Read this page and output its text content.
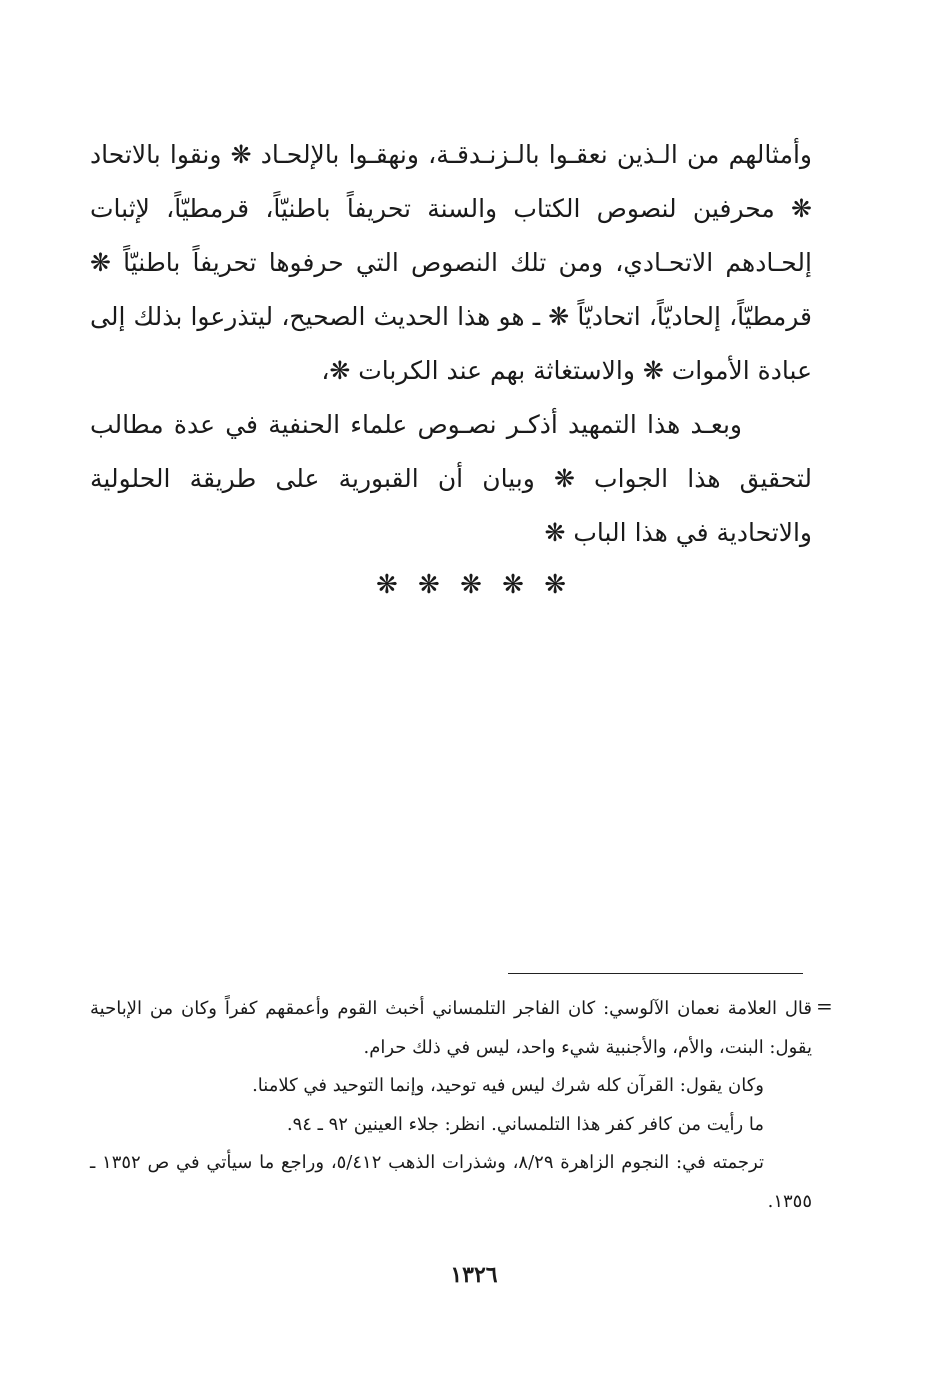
وأمثالهم من الـذين نعقـوا بالـزنـدقـة، ونهقـوا بالإلحـاد ❋ ونقوا بالاتحاد ❋ محرفين لنصوص الكتاب والسنة تحريفاً باطنيّاً، قرمطيّاً، لإثبات إلحـادهم الاتحـادي، ومن تلك النصوص التي حرفوها تحريفاً باطنيّاً ❋ قرمطيّاً، إلحاديّاً، اتحاديّاً ❋ ـ هو هذا الحديث الصحيح، ليتذرعوا بذلك إلى عبادة الأموات ❋ والاستغاثة بهم عند الكربات ❋،

وبعـد هذا التمهيد أذكـر نصـوص علماء الحنفية في عدة مطالب لتحقيق هذا الجواب ❋ وبيان أن القبورية على طريقة الحلولية والاتحادية في هذا الباب ❋

❋ ❋ ❋ ❋ ❋
=

قال العلامة نعمان الآلوسي: كان الفاجر التلمساني أخبث القوم وأعمقهم كفراً وكان من الإباحية يقول: البنت، والأم، والأجنبية شيء واحد، ليس في ذلك حرام.

وكان يقول: القرآن كله شرك ليس فيه توحيد، وإنما التوحيد في كلامنا.

ما رأيت من كافر كفر هذا التلمساني. انظر: جلاء العينين ٩٢ ـ ٩٤.

ترجمته في: النجوم الزاهرة ٨/٢٩، وشذرات الذهب ٥/٤١٢، وراجع ما سيأتي في ص ١٣٥٢ ـ ١٣٥٥.

١٣٢٦
